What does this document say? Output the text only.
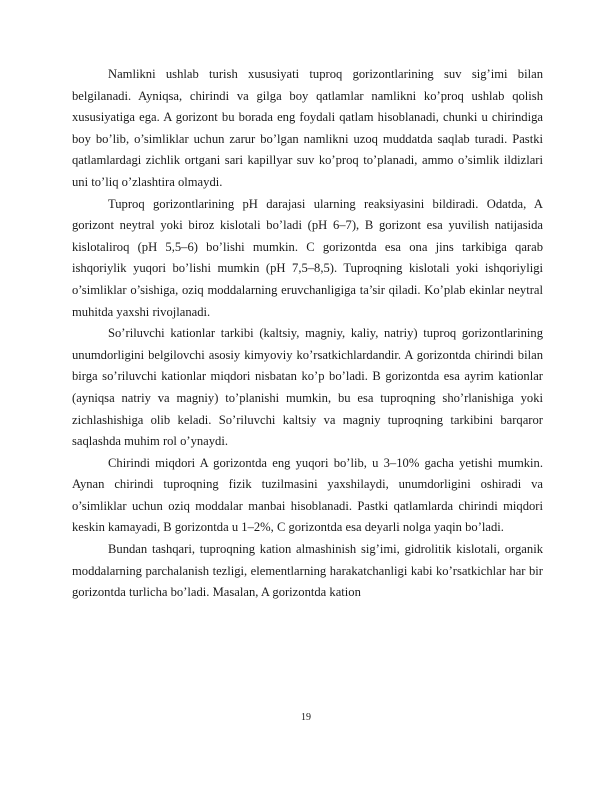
Namlikni ushlab turish xususiyati tuproq gorizontlarining suv sig’imi bilan belgilanadi. Ayniqsa, chirindi va gilga boy qatlamlar namlikni ko’proq ushlab qolish xususiyatiga ega. A gorizont bu borada eng foydali qatlam hisoblanadi, chunki u chirindiga boy bo’lib, o’simliklar uchun zarur bo’lgan namlikni uzoq muddatda saqlab turadi. Pastki qatlamlardagi zichlik ortgani sari kapillyar suv ko’proq to’planadi, ammo o’simlik ildizlari uni to’liq o’zlashtira olmaydi.

Tuproq gorizontlarining pH darajasi ularning reaksiyasini bildiradi. Odatda, A gorizont neytral yoki biroz kislotali bo’ladi (pH 6–7), B gorizont esa yuvilish natijasida kislotaliroq (pH 5,5–6) bo’lishi mumkin. C gorizontda esa ona jins tarkibiga qarab ishqoriylik yuqori bo’lishi mumkin (pH 7,5–8,5). Tuproqning kislotali yoki ishqoriyligi o’simliklar o’sishiga, oziq moddalarning eruvchanligiga ta’sir qiladi. Ko’plab ekinlar neytral muhitda yaxshi rivojlanadi.

So’riluvchi kationlar tarkibi (kaltsiy, magniy, kaliy, natriy) tuproq gorizontlarining unumdorligini belgilovchi asosiy kimyoviy ko’rsatkichlardandir. A gorizontda chirindi bilan birga so’riluvchi kationlar miqdori nisbatan ko’p bo’ladi. B gorizontda esa ayrim kationlar (ayniqsa natriy va magniy) to’planishi mumkin, bu esa tuproqning sho’rlanishiga yoki zichlashishiga olib keladi. So’riluvchi kaltsiy va magniy tuproqning tarkibini barqaror saqlashda muhim rol o’ynaydi.

Chirindi miqdori A gorizontda eng yuqori bo’lib, u 3–10% gacha yetishi mumkin. Aynan chirindi tuproqning fizik tuzilmasini yaxshilaydi, unumdorligini oshiradi va o’simliklar uchun oziq moddalar manbai hisoblanadi. Pastki qatlamlarda chirindi miqdori keskin kamayadi, B gorizontda u 1–2%, C gorizontda esa deyarli nolga yaqin bo’ladi.

Bundan tashqari, tuproqning kation almashinish sig’imi, gidrolitik kislotali, organik moddalarning parchalanish tezligi, elementlarning harakatchanligi kabi ko’rsatkichlar har bir gorizontda turlicha bo’ladi. Masalan, A gorizontda kation

19
